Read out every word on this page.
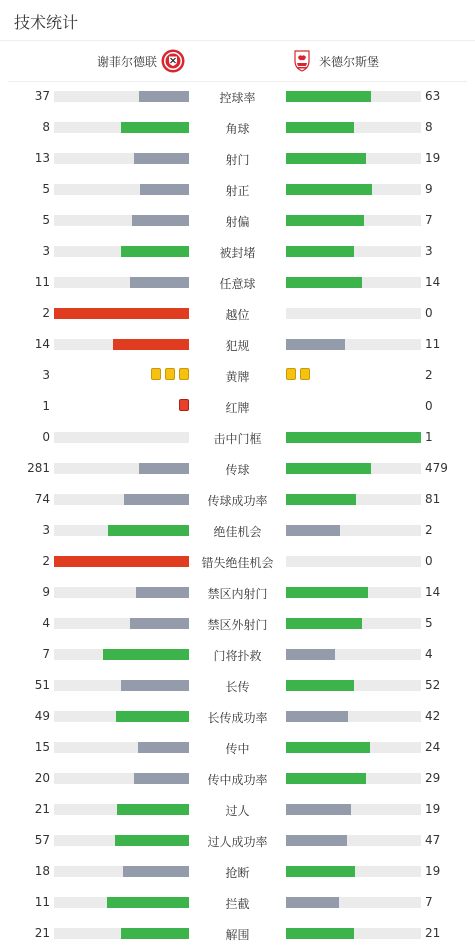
技术统计
谢菲尔德联	米德尔斯堡
37	控球率	63
8	角球	8
13	射门	19
5	射正	9
5	射偏	7
3	被封堵	3
11	任意球	14
2	越位	0
14	犯规	11
3	黄牌	2
1	红牌	0
0	击中门框	1
281	传球	479
74	传球成功率	81
3	绝佳机会	2
2	错失绝佳机会	0
9	禁区内射门	14
4	禁区外射门	5
7	门将扑救	4
51	长传	52
49	长传成功率	42
15	传中	24
20	传中成功率	29
21	过人	19
57	过人成功率	47
18	抢断	19
11	拦截	7
21	解围	21
